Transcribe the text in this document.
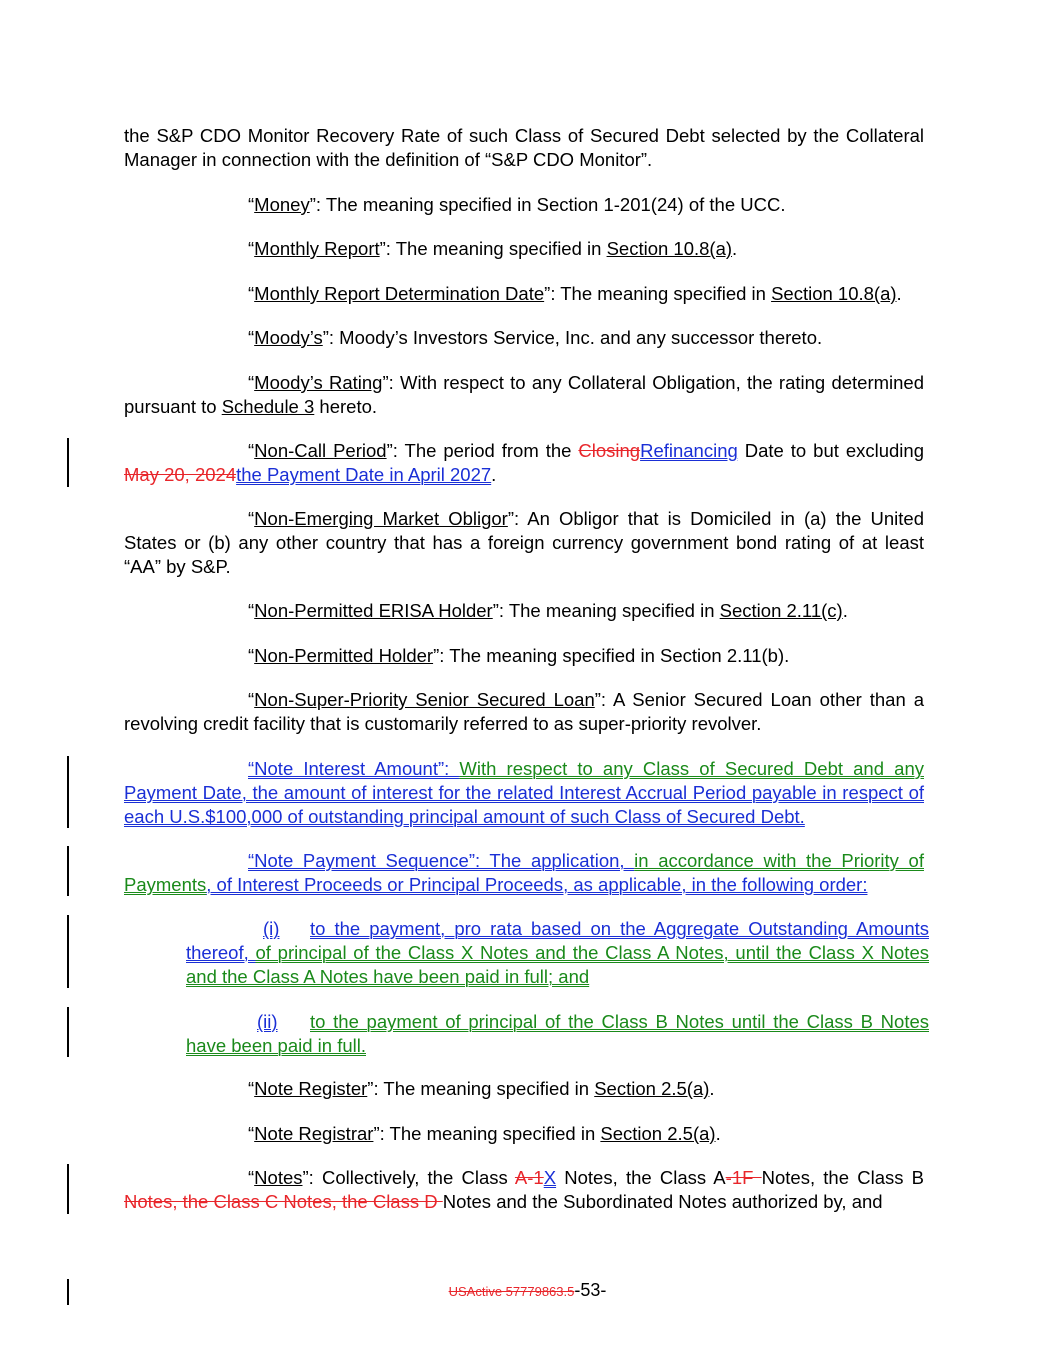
the S&P CDO Monitor Recovery Rate of such Class of Secured Debt selected by the Collateral Manager in connection with the definition of “S&P CDO Monitor”.

“Money”: The meaning specified in Section 1-201(24) of the UCC.

“Monthly Report”: The meaning specified in Section 10.8(a).

“Monthly Report Determination Date”: The meaning specified in Section 10.8(a).

“Moody’s”: Moody’s Investors Service, Inc. and any successor thereto.

“Moody’s Rating”: With respect to any Collateral Obligation, the rating determined pursuant to Schedule 3 hereto.

“Non-Call Period”: The period from the ClosingRefinancing Date to but excluding May 20, 2024the Payment Date in April 2027.

“Non-Emerging Market Obligor”: An Obligor that is Domiciled in (a) the United States or (b) any other country that has a foreign currency government bond rating of at least “AA” by S&P.

“Non-Permitted ERISA Holder”: The meaning specified in Section 2.11(c).

“Non-Permitted Holder”: The meaning specified in Section 2.11(b).

“Non-Super-Priority Senior Secured Loan”: A Senior Secured Loan other than a revolving credit facility that is customarily referred to as super-priority revolver.

“Note Interest Amount”: With respect to any Class of Secured Debt and any Payment Date, the amount of interest for the related Interest Accrual Period payable in respect of each U.S.$100,000 of outstanding principal amount of such Class of Secured Debt.

“Note Payment Sequence”: The application, in accordance with the Priority of Payments, of Interest Proceeds or Principal Proceeds, as applicable, in the following order:

(i) to the payment, pro rata based on the Aggregate Outstanding Amounts thereof, of principal of the Class X Notes and the Class A Notes, until the Class X Notes and the Class A Notes have been paid in full; and

(ii) to the payment of principal of the Class B Notes until the Class B Notes have been paid in full.

“Note Register”: The meaning specified in Section 2.5(a).

“Note Registrar”: The meaning specified in Section 2.5(a).

“Notes”: Collectively, the Class A-1X Notes, the Class A-1F Notes, the Class B Notes, the Class C Notes, the Class D Notes and the Subordinated Notes authorized by, and

USActive 57779863.5-53-
